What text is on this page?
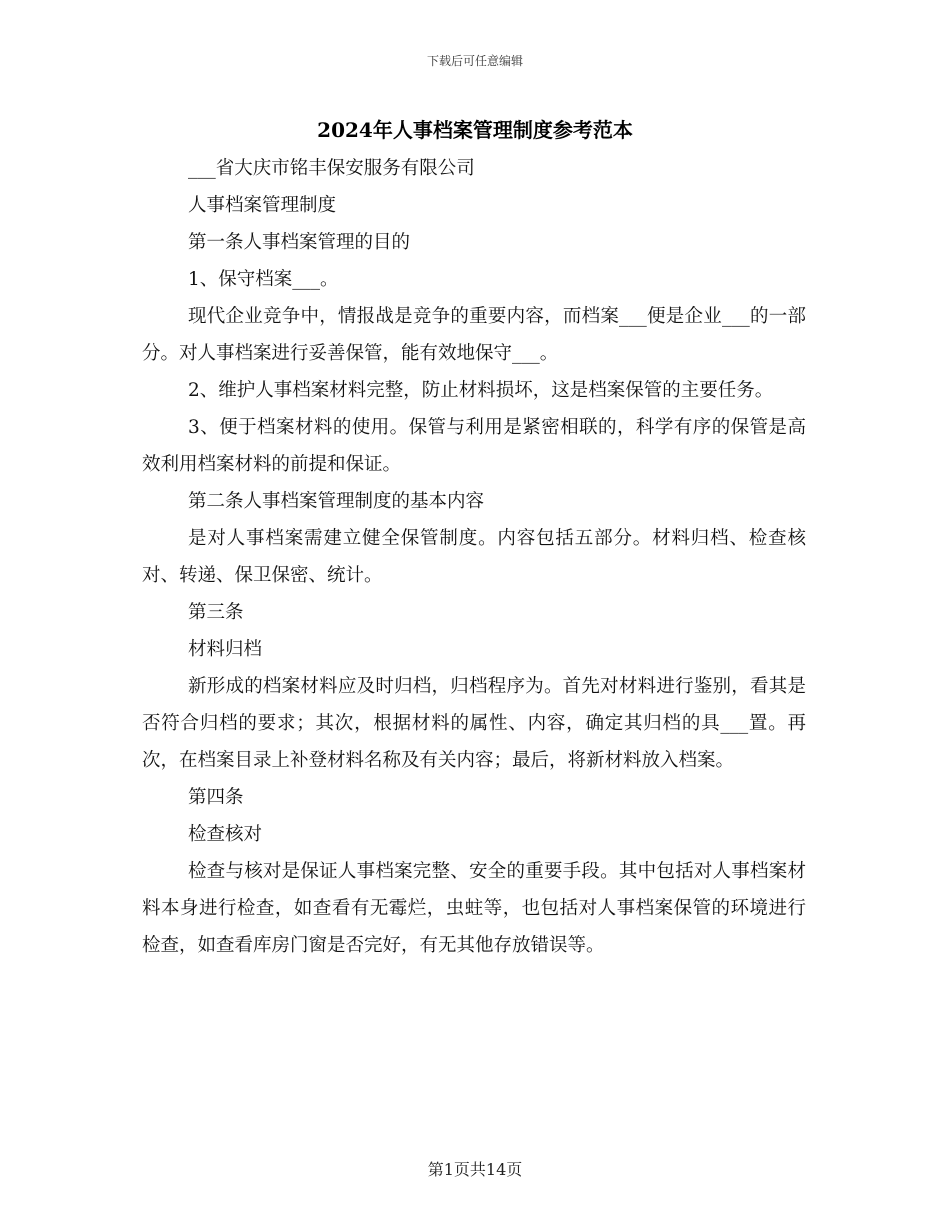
下载后可任意编辑
2024年人事档案管理制度参考范本

___省大庆市铭丰保安服务有限公司

人事档案管理制度

第一条人事档案管理的目的

1、保守档案___。

现代企业竞争中，情报战是竞争的重要内容，而档案___便是企业___的一部分。对人事档案进行妥善保管，能有效地保守___。

2、维护人事档案材料完整，防止材料损坏，这是档案保管的主要任务。

3、便于档案材料的使用。保管与利用是紧密相联的，科学有序的保管是高效利用档案材料的前提和保证。

第二条人事档案管理制度的基本内容

是对人事档案需建立健全保管制度。内容包括五部分。材料归档、检查核对、转递、保卫保密、统计。

第三条

材料归档

新形成的档案材料应及时归档，归档程序为。首先对材料进行鉴别，看其是否符合归档的要求；其次，根据材料的属性、内容，确定其归档的具___置。再次，在档案目录上补登材料名称及有关内容；最后，将新材料放入档案。

第四条

检查核对

检查与核对是保证人事档案完整、安全的重要手段。其中包括对人事档案材料本身进行检查，如查看有无霉烂，虫蛀等，也包括对人事档案保管的环境进行检查，如查看库房门窗是否完好，有无其他存放错误等。

第1页共14页
